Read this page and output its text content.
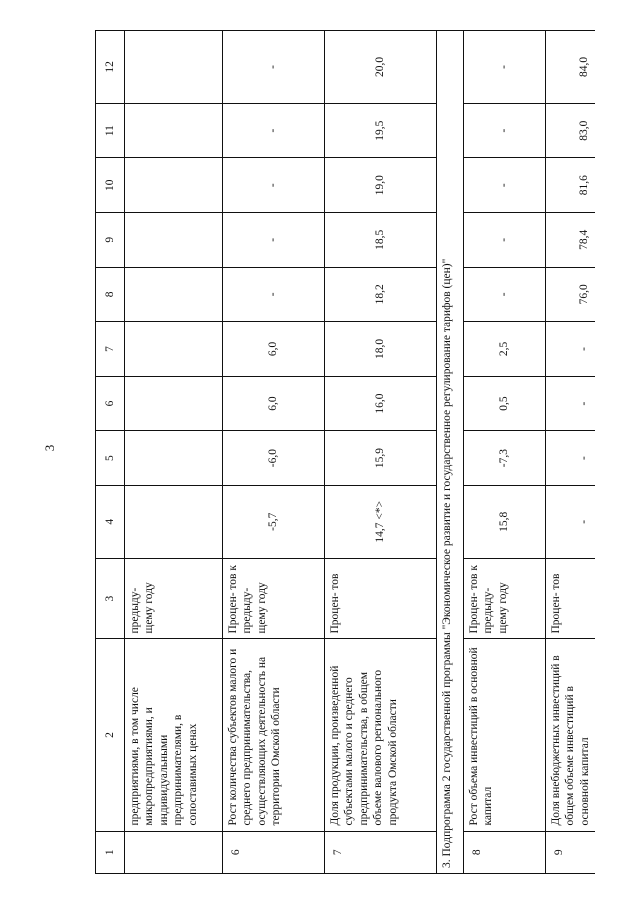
3
1	2	3	4	5	6	7	8	9	10	11	12
	предприятиями, в том числе микропредприятиями, и индивидуальными предпринимателями, в сопоставимых ценах	предыду- щему году									
6	Рост количества субъектов малого и среднего предпринимательства, осуществляющих деятельность на территории Омской области	Процен- тов к предыду- щему году	-5,7	-6,0	6,0	6,0	-	-	-	-	-
7	Доля продукции, произведенной субъектами малого и среднего предпринимательства, в общем объеме валового регионального продукта Омской области	Процен- тов	14,7 <*>	15,9	16,0	18,0	18,2	18,5	19,0	19,5	20,0
3. Подпрограмма 2 государственной программы "Экономическое развитие и государственное регулирование тарифов (цен)"											
8	Рост объема инвестиций в основной капитал	Процен- тов к предыду- щему году	15,8	-7,3	0,5	2,5	-	-	-	-	-
9	Доля внебюджетных инвестиций в общем объеме инвестиций в основной капитал	Процен- тов	-	-	-	-	76,0	78,4	81,6	83,0	84,0
